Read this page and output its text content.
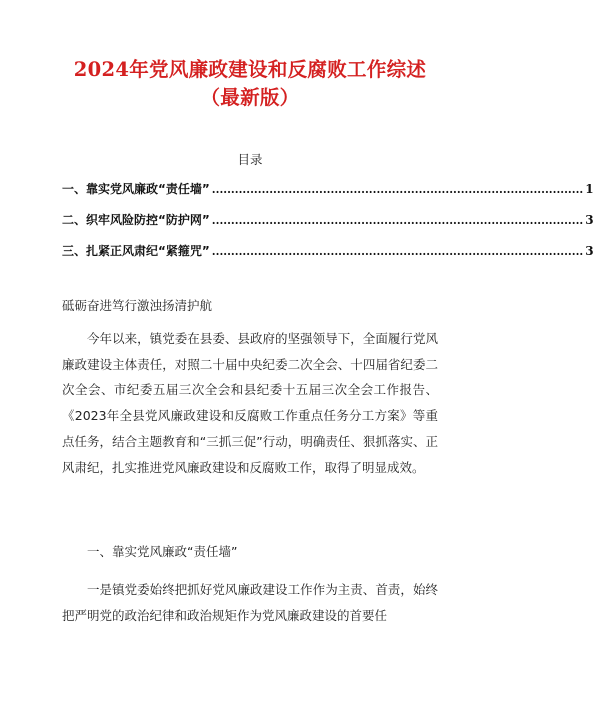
2024年党风廉政建设和反腐败工作综述
（最新版）
目录
一、靠实党风廉政“责任墙” ................................................................................................. 1
二、织牢风险防控“防护网” ................................................................................................. 3
三、扎紧正风肃纪“紧箍咒” ................................................................................................. 3
砥砺奋进笃行激浊扬清护航

今年以来，镇党委在县委、县政府的坚强领导下，全面履行党风廉政建设主体责任，对照二十届中央纪委二次全会、十四届省纪委二次全会、市纪委五届三次全会和县纪委十五届三次全会工作报告、《2023年全县党风廉政建设和反腐败工作重点任务分工方案》等重点任务，结合主题教育和“三抓三促”行动，明确责任、狠抓落实、正风肃纪，扎实推进党风廉政建设和反腐败工作，取得了明显成效。

一、靠实党风廉政“责任墙”

一是镇党委始终把抓好党风廉政建设工作作为主责、首责，始终把严明党的政治纪律和政治规矩作为党风廉政建设的首要任
